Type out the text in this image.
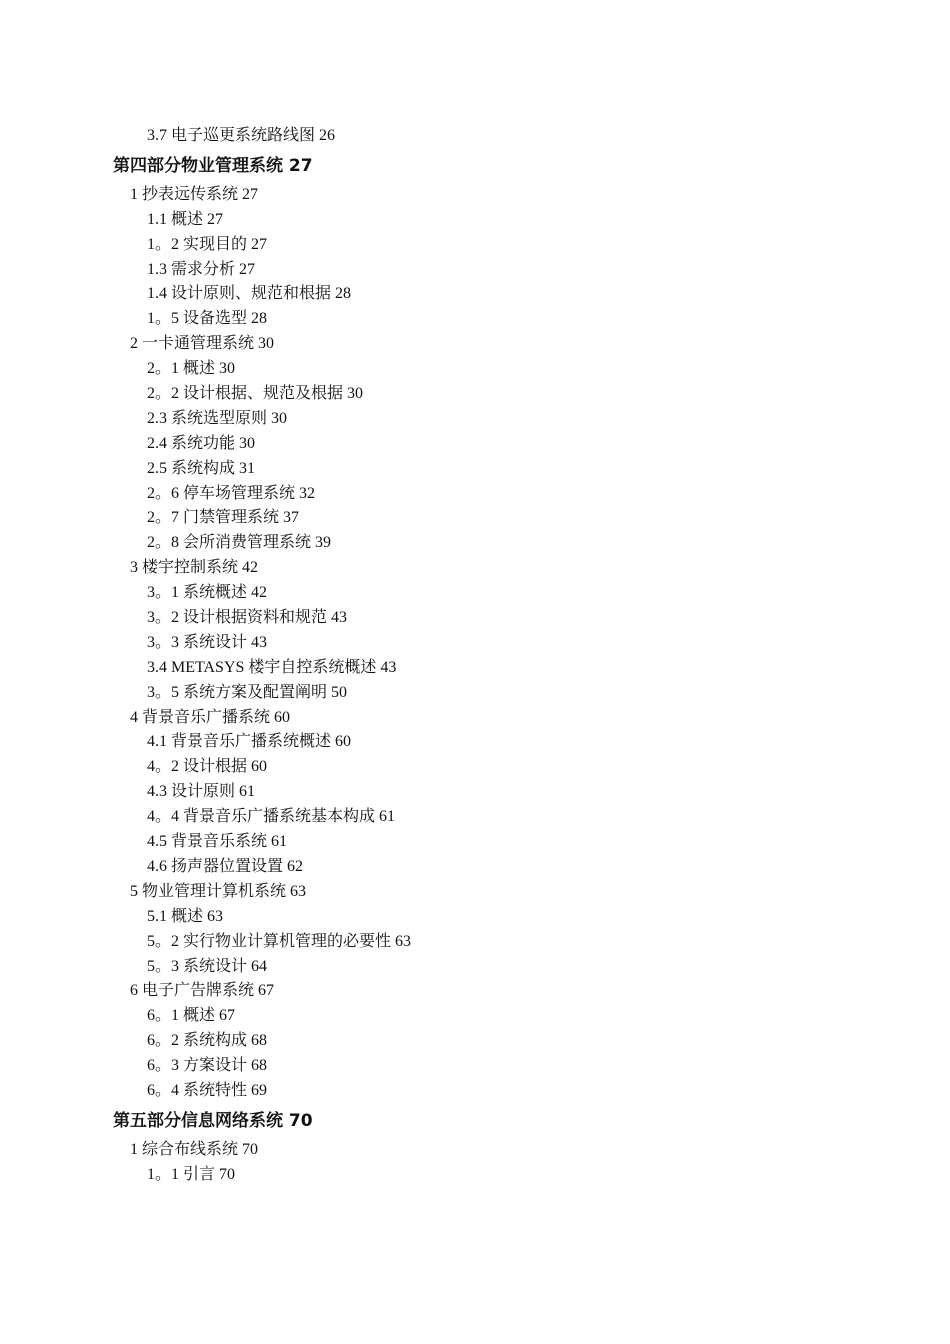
3.7 电子巡更系统路线图 26
第四部分物业管理系统 27
1 抄表远传系统 27
1.1 概述 27
1。2 实现目的 27
1.3 需求分析 27
1.4 设计原则、规范和根据 28
1。5 设备选型 28
2 一卡通管理系统 30
2。1 概述 30
2。2 设计根据、规范及根据 30
2.3 系统选型原则 30
2.4 系统功能 30
2.5 系统构成 31
2。6 停车场管理系统 32
2。7 门禁管理系统 37
2。8 会所消费管理系统 39
3 楼宇控制系统 42
3。1 系统概述 42
3。2 设计根据资料和规范 43
3。3 系统设计 43
3.4 METASYS 楼宇自控系统概述 43
3。5 系统方案及配置阐明 50
4 背景音乐广播系统 60
4.1 背景音乐广播系统概述 60
4。2 设计根据 60
4.3 设计原则 61
4。4 背景音乐广播系统基本构成 61
4.5 背景音乐系统 61
4.6 扬声器位置设置 62
5 物业管理计算机系统 63
5.1 概述 63
5。2 实行物业计算机管理的必要性 63
5。3 系统设计 64
6 电子广告牌系统 67
6。1 概述 67
6。2 系统构成 68
6。3 方案设计 68
6。4 系统特性 69
第五部分信息网络系统 70
1 综合布线系统 70
1。1 引言 70
